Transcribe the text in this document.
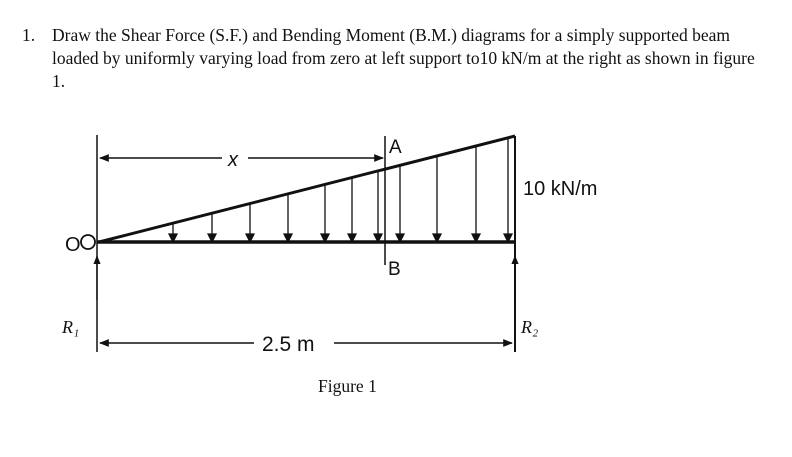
1. Draw the Shear Force (S.F.) and Bending Moment (B.M.) diagrams for a simply supported beam loaded by uniformly varying load from zero at left support to10 kN/m at the right as shown in figure 1.
x
A
B
O
R₁	R₂
10 kN/m
2.5 m
Figure 1
